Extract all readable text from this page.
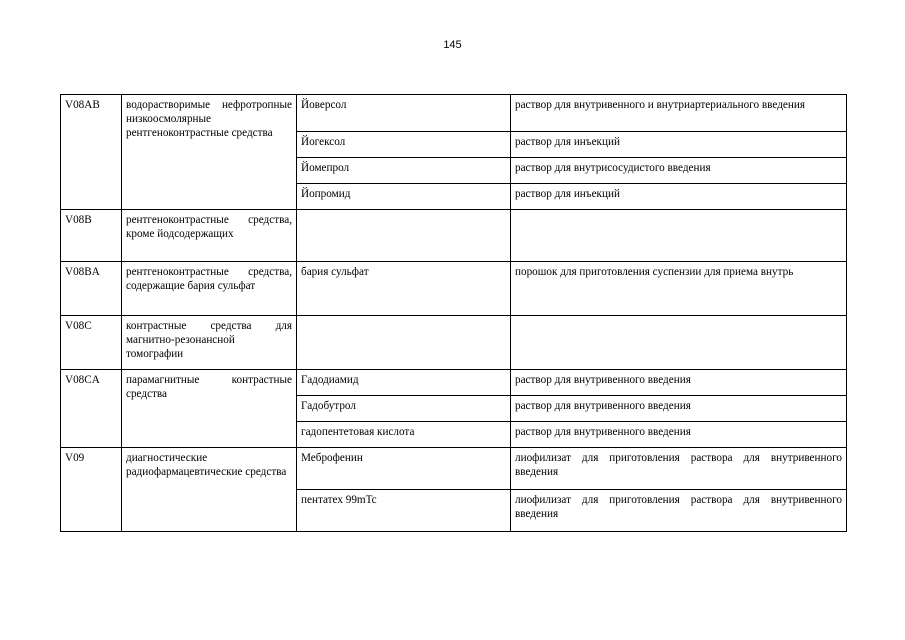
145
V08AB	водорастворимые нефротропные низкоосмолярные рентгеноконтрастные средства	Йоверсол	раствор для внутривенного и внутриартериального введения
		Йогексол	раствор для инъекций
		Йомепрол	раствор для внутрисосудистого введения
		Йопромид	раствор для инъекций
V08B	рентгеноконтрастные средства, кроме йодсодержащих		
V08BA	рентгеноконтрастные средства, содержащие бария сульфат	бария сульфат	порошок для приготовления суспензии для приема внутрь
V08C	контрастные средства для магнитно-резонансной томографии		
V08CA	парамагнитные контрастные средства	Гадодиамид	раствор для внутривенного введения
		Гадобутрол	раствор для внутривенного введения
		гадопентетовая кислота	раствор для внутривенного введения
V09	диагностические радиофармацевтические средства	Меброфенин	лиофилизат для приготовления раствора для внутривенного введения
		пентатех 99mTc	лиофилизат для приготовления раствора для внутривенного введения
